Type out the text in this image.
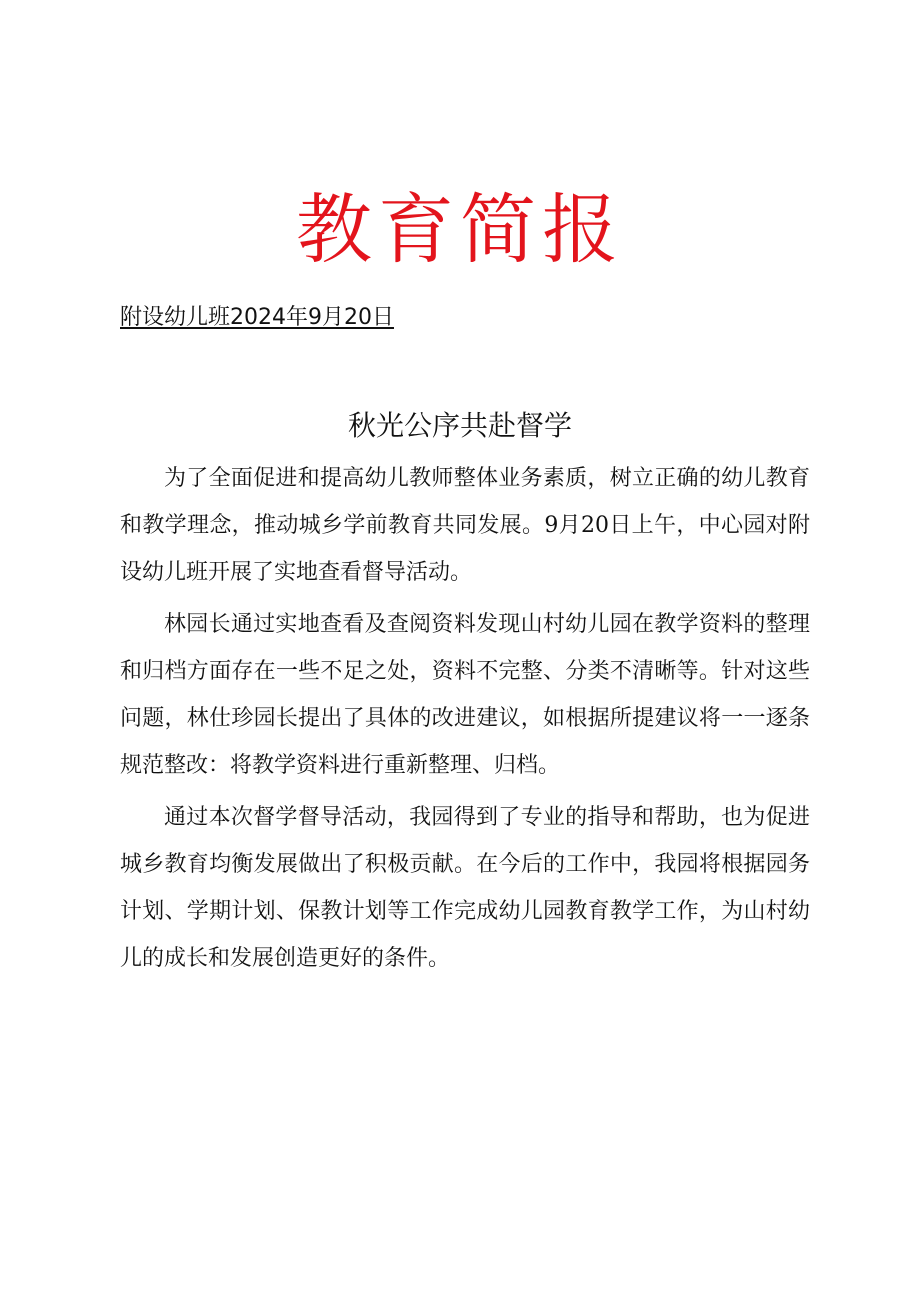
教育简报
附设幼儿班2024年9月20日
秋光公序共赴督学

为了全面促进和提高幼儿教师整体业务素质，树立正确的幼儿教育和教学理念，推动城乡学前教育共同发展。9月20日上午，中心园对附设幼儿班开展了实地查看督导活动。

林园长通过实地查看及查阅资料发现山村幼儿园在教学资料的整理和归档方面存在一些不足之处，资料不完整、分类不清晰等。针对这些问题，林仕珍园长提出了具体的改进建议，如根据所提建议将一一逐条规范整改：将教学资料进行重新整理、归档。

通过本次督学督导活动，我园得到了专业的指导和帮助，也为促进城乡教育均衡发展做出了积极贡献。在今后的工作中，我园将根据园务计划、学期计划、保教计划等工作完成幼儿园教育教学工作，为山村幼儿的成长和发展创造更好的条件。
